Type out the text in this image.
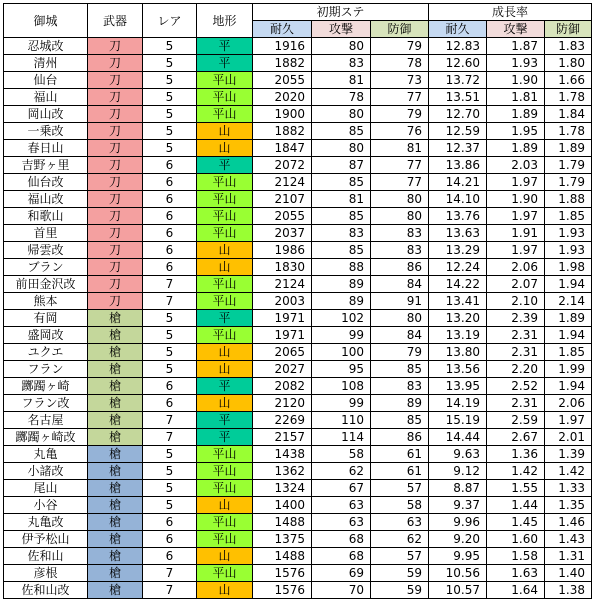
御城	武器	レア	地形	初期ステ			成長率		
				耐久	攻撃	防御	耐久	攻撃	防御
忍城改	刀	5	平	1916	80	79	12.83	1.87	1.83
清州	刀	5	平	1882	83	78	12.60	1.93	1.80
仙台	刀	5	平山	2055	81	73	13.72	1.90	1.66
福山	刀	5	平山	2020	78	77	13.51	1.81	1.78
岡山改	刀	5	平山	1900	80	79	12.70	1.89	1.84
一乗改	刀	5	山	1882	85	76	12.59	1.95	1.78
春日山	刀	5	山	1847	80	81	12.37	1.89	1.89
吉野ヶ里	刀	6	平	2072	87	77	13.86	2.03	1.79
仙台改	刀	6	平山	2124	85	77	14.21	1.97	1.79
福山改	刀	6	平山	2107	81	80	14.10	1.90	1.88
和歌山	刀	6	平山	2055	85	80	13.76	1.97	1.85
首里	刀	6	平山	2037	83	83	13.63	1.91	1.93
帰雲改	刀	6	山	1986	85	83	13.29	1.97	1.93
ブラン	刀	6	山	1830	88	86	12.24	2.06	1.98
前田金沢改	刀	7	平山	2124	89	84	14.22	2.07	1.94
熊本	刀	7	平山	2003	89	91	13.41	2.10	2.14
有岡	槍	5	平	1971	102	80	13.20	2.39	1.89
盛岡改	槍	5	平山	1971	99	84	13.19	2.31	1.94
ユクエ	槍	5	山	2065	100	79	13.80	2.31	1.85
フラン	槍	5	山	2027	95	85	13.56	2.20	1.99
躑躅ヶ崎	槍	6	平	2082	108	83	13.95	2.52	1.94
フラン改	槍	6	山	2120	99	89	14.19	2.31	2.06
名古屋	槍	7	平	2269	110	85	15.19	2.59	1.97
躑躅ヶ崎改	槍	7	平	2157	114	86	14.44	2.67	2.01
丸亀	槍	5	平山	1438	58	61	9.63	1.36	1.39
小諸改	槍	5	平山	1362	62	61	9.12	1.42	1.42
尾山	槍	5	平山	1324	67	57	8.87	1.55	1.33
小谷	槍	5	山	1400	63	58	9.37	1.44	1.35
丸亀改	槍	6	平山	1488	63	63	9.96	1.45	1.46
伊予松山	槍	6	平山	1375	68	62	9.20	1.60	1.43
佐和山	槍	6	山	1488	68	57	9.95	1.58	1.31
彦根	槍	7	平山	1576	69	59	10.56	1.63	1.40
佐和山改	槍	7	山	1576	70	59	10.57	1.64	1.38
